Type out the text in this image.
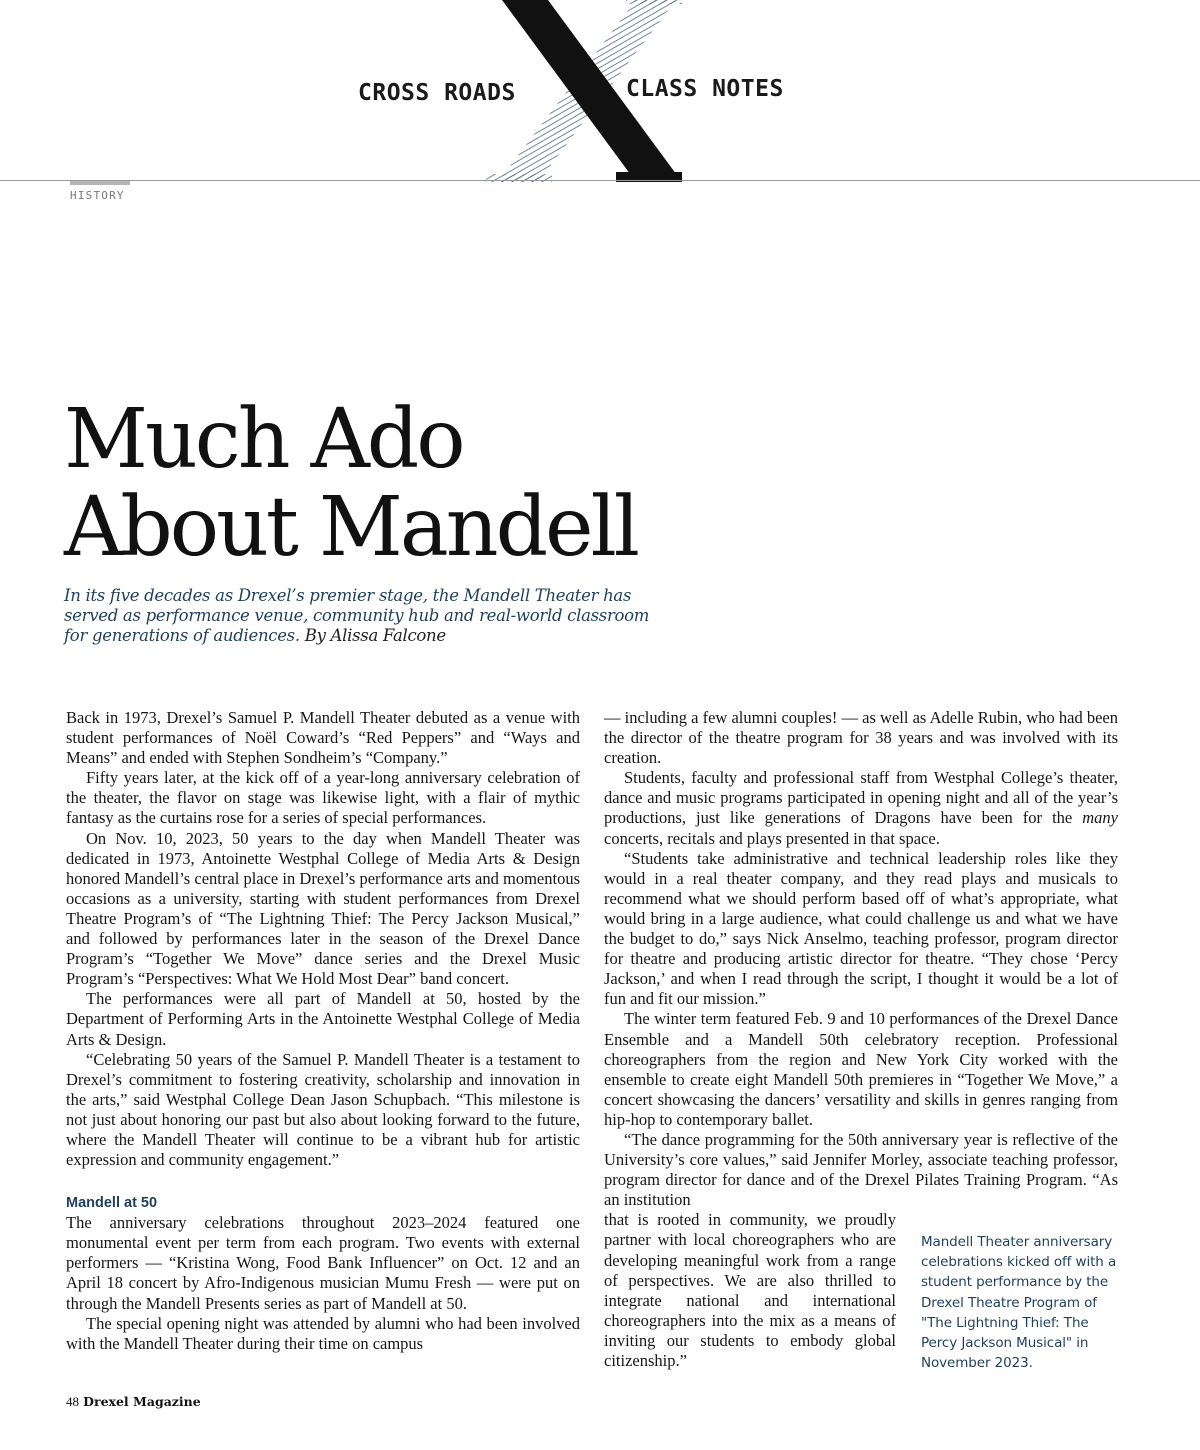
CROSS ROADS	CLASS NOTES
HISTORY
Much Ado
About Mandell

In its five decades as Drexel’s premier stage, the Mandell Theater has served as performance venue, community hub and real-world classroom for generations of audiences. By Alissa Falcone

Back in 1973, Drexel’s Samuel P. Mandell Theater debuted as a venue with student performances of Noël Coward’s “Red Peppers” and “Ways and Means” and ended with Stephen Sondheim’s “Company.”

Fifty years later, at the kick off of a year-long anniversary celebration of the theater, the flavor on stage was likewise light, with a flair of mythic fantasy as the curtains rose for a series of special performances.

On Nov. 10, 2023, 50 years to the day when Mandell Theater was dedicated in 1973, Antoinette Westphal College of Media Arts & Design honored Mandell’s central place in Drexel’s performance arts and momentous occasions as a university, starting with student performances from Drexel Theatre Program’s of “The Lightning Thief: The Percy Jackson Musical,” and followed by performances later in the season of the Drexel Dance Program’s “Together We Move” dance series and the Drexel Music Program’s “Perspectives: What We Hold Most Dear” band concert.

The performances were all part of Mandell at 50, hosted by the Department of Performing Arts in the Antoinette Westphal College of Media Arts & Design.

“Celebrating 50 years of the Samuel P. Mandell Theater is a testament to Drexel’s commitment to fostering creativity, scholarship and innovation in the arts,” said Westphal College Dean Jason Schupbach. “This milestone is not just about honoring our past but also about looking forward to the future, where the Mandell Theater will continue to be a vibrant hub for artistic expression and community engagement.”

Mandell at 50

The anniversary celebrations throughout 2023–2024 featured one monumental event per term from each program. Two events with external performers — “Kristina Wong, Food Bank Influencer” on Oct. 12 and an April 18 concert by Afro-Indigenous musician Mumu Fresh — were put on through the Mandell Presents series as part of Mandell at 50.

The special opening night was attended by alumni who had been involved with the Mandell Theater during their time on campus

— including a few alumni couples! — as well as Adelle Rubin, who had been the director of the theatre program for 38 years and was involved with its creation.

Students, faculty and professional staff from Westphal College’s theater, dance and music programs participated in opening night and all of the year’s productions, just like generations of Dragons have been for the many concerts, recitals and plays presented in that space.

“Students take administrative and technical leadership roles like they would in a real theater company, and they read plays and musicals to recommend what we should perform based off of what’s appropriate, what would bring in a large audience, what could challenge us and what we have the budget to do,” says Nick Anselmo, teaching professor, program director for theatre and producing artistic director for theatre. “They chose ‘Percy Jackson,’ and when I read through the script, I thought it would be a lot of fun and fit our mission.”

The winter term featured Feb. 9 and 10 performances of the Drexel Dance Ensemble and a Mandell 50th celebratory reception. Professional choreographers from the region and New York City worked with the ensemble to create eight Mandell 50th premieres in “Together We Move,” a concert showcasing the dancers’ versatility and skills in genres ranging from hip-hop to contemporary ballet.

“The dance programming for the 50th anniversary year is reflective of the University’s core values,” said Jennifer Morley, associate teaching professor, program director for dance and of the Drexel Pilates Training Program. “As an institution

that is rooted in community, we proudly partner with local choreographers who are developing meaningful work from a range of perspectives. We are also thrilled to integrate national and international choreographers into the mix as a means of inviting our students to embody global citizenship.”

Mandell Theater anniversary celebrations kicked off with a student performance by the Drexel Theatre Program of "The Lightning Thief: The Percy Jackson Musical" in November 2023.

48 Drexel Magazine
